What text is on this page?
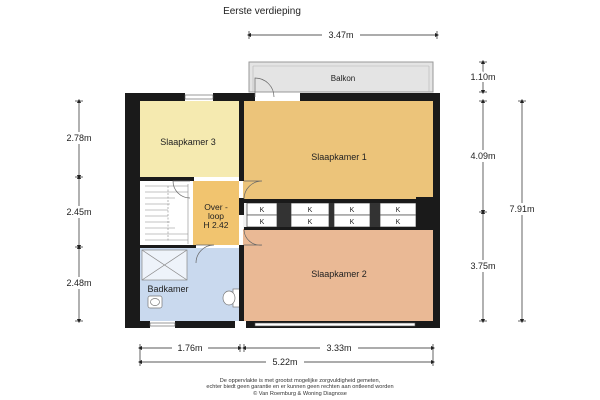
Eerste verdieping
Balkon
K
K
K
K
K
K
K
K
Slaapkamer 3
Slaapkamer 1
Slaapkamer 2
Over -
loop
H 2.42
Badkamer
3.47m
1.10m
4.09m
3.75m
7.91m
2.78m
2.45m
2.48m
1.76m	3.33m
5.22m
De oppervlakte is met grootst mogelijke zorgvuldigheid gemeten,
echter biedt geen garantie en er kunnen geen rechten aan ontleend worden
© Van Roemburg & Woning Diagnose
